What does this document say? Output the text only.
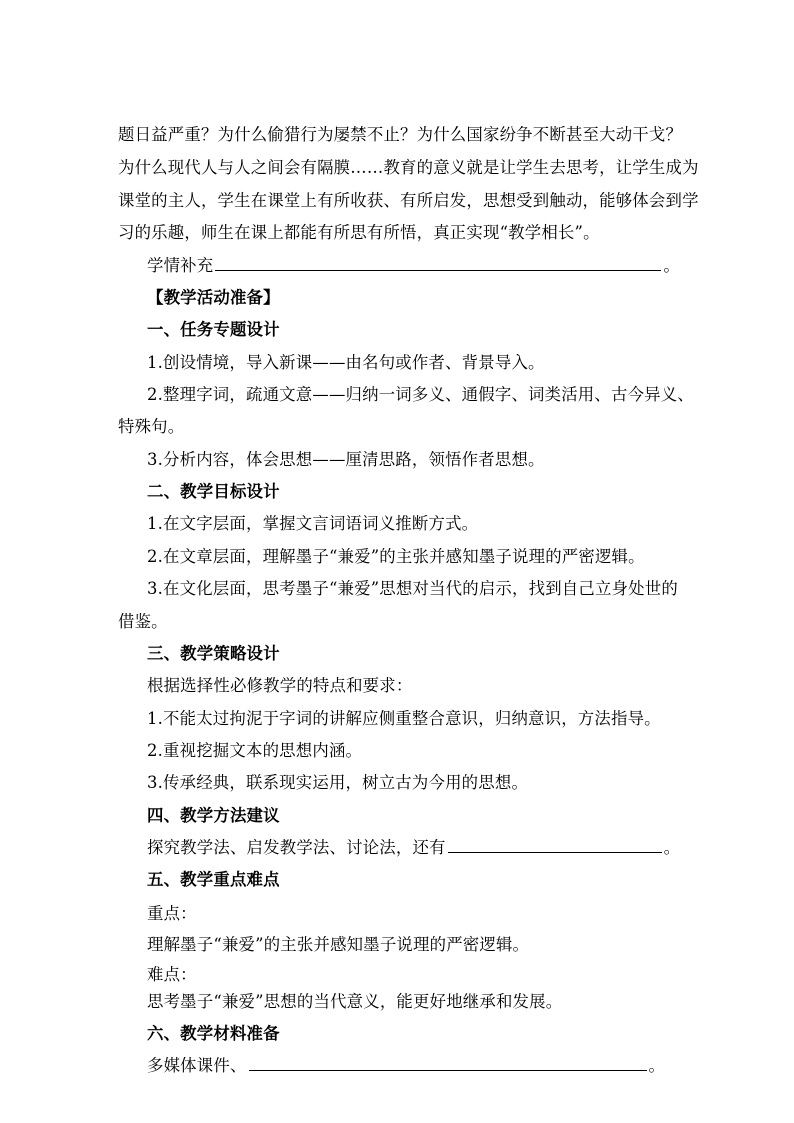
题日益严重？为什么偷猎行为屡禁不止？为什么国家纷争不断甚至大动干戈？
为什么现代人与人之间会有隔膜……教育的意义就是让学生去思考，让学生成为
课堂的主人，学生在课堂上有所收获、有所启发，思想受到触动，能够体会到学
习的乐趣，师生在课上都能有所思有所悟，真正实现“教学相长”。
学情补充	。
【教学活动准备】
一、任务专题设计
1.创设情境，导入新课——由名句或作者、背景导入。
2.整理字词，疏通文意——归纳一词多义、通假字、词类活用、古今异义、
特殊句。
3.分析内容，体会思想——厘清思路，领悟作者思想。
二、教学目标设计
1.在文字层面，掌握文言词语词义推断方式。
2.在文章层面，理解墨子“兼爱”的主张并感知墨子说理的严密逻辑。
3.在文化层面，思考墨子“兼爱”思想对当代的启示，找到自己立身处世的
借鉴。
三、教学策略设计
根据选择性必修教学的特点和要求：
1.不能太过拘泥于字词的讲解应侧重整合意识，归纳意识，方法指导。
2.重视挖掘文本的思想内涵。
3.传承经典，联系现实运用，树立古为今用的思想。
四、教学方法建议
探究教学法、启发教学法、讨论法，还有	。
五、教学重点难点
重点：
理解墨子“兼爱”的主张并感知墨子说理的严密逻辑。
难点：
思考墨子“兼爱”思想的当代意义，能更好地继承和发展。
六、教学材料准备
多媒体课件、	。
